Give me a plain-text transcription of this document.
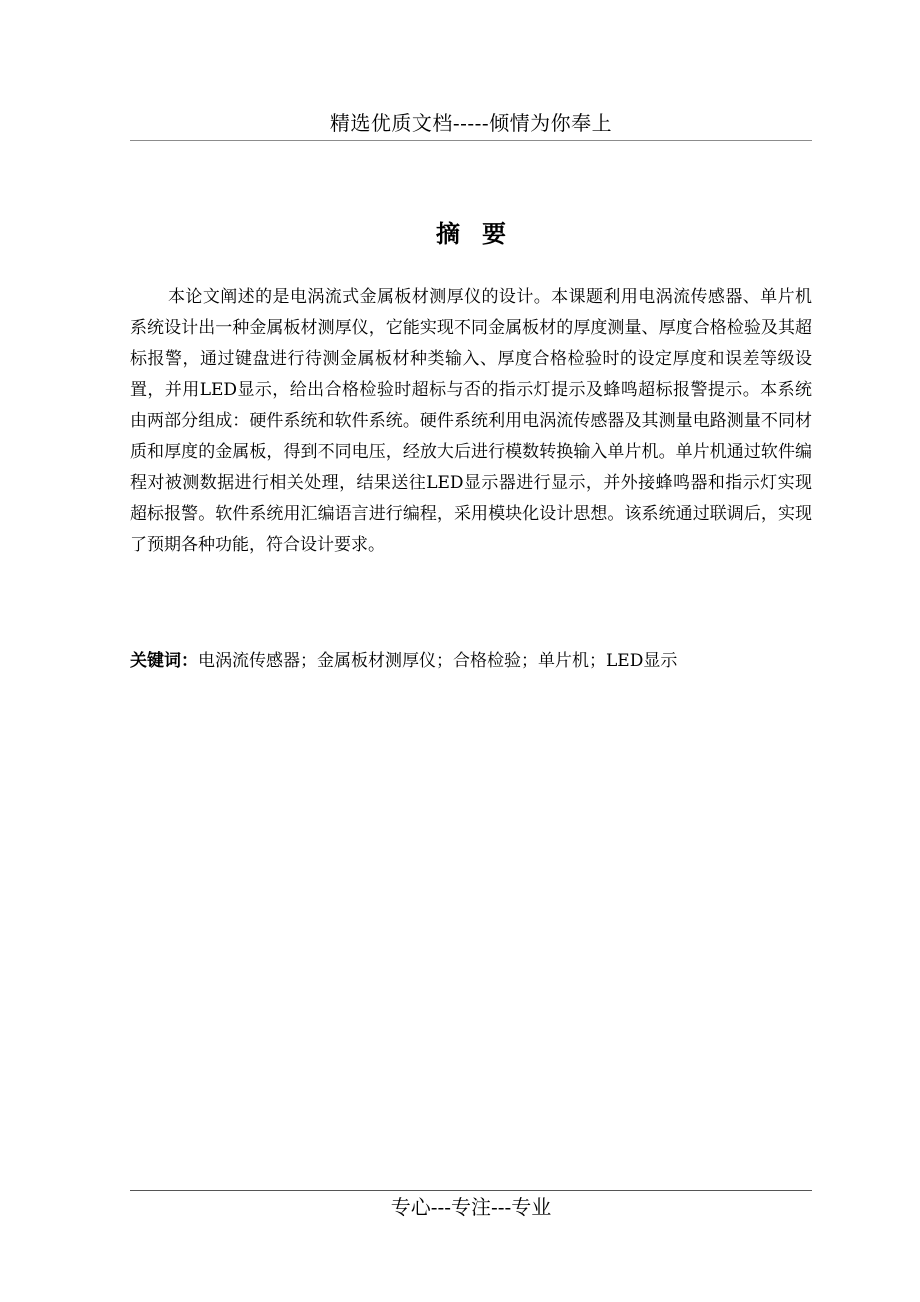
精选优质文档-----倾情为你奉上
摘要

本论文阐述的是电涡流式金属板材测厚仪的设计。本课题利用电涡流传感器、单片机系统设计出一种金属板材测厚仪，它能实现不同金属板材的厚度测量、厚度合格检验及其超标报警，通过键盘进行待测金属板材种类输入、厚度合格检验时的设定厚度和误差等级设置，并用LED显示，给出合格检验时超标与否的指示灯提示及蜂鸣超标报警提示。本系统由两部分组成：硬件系统和软件系统。硬件系统利用电涡流传感器及其测量电路测量不同材质和厚度的金属板，得到不同电压，经放大后进行模数转换输入单片机。单片机通过软件编程对被测数据进行相关处理，结果送往LED显示器进行显示，并外接蜂鸣器和指示灯实现超标报警。软件系统用汇编语言进行编程，采用模块化设计思想。该系统通过联调后，实现了预期各种功能，符合设计要求。

关键词：电涡流传感器；金属板材测厚仪；合格检验；单片机；LED显示

专心---专注---专业
